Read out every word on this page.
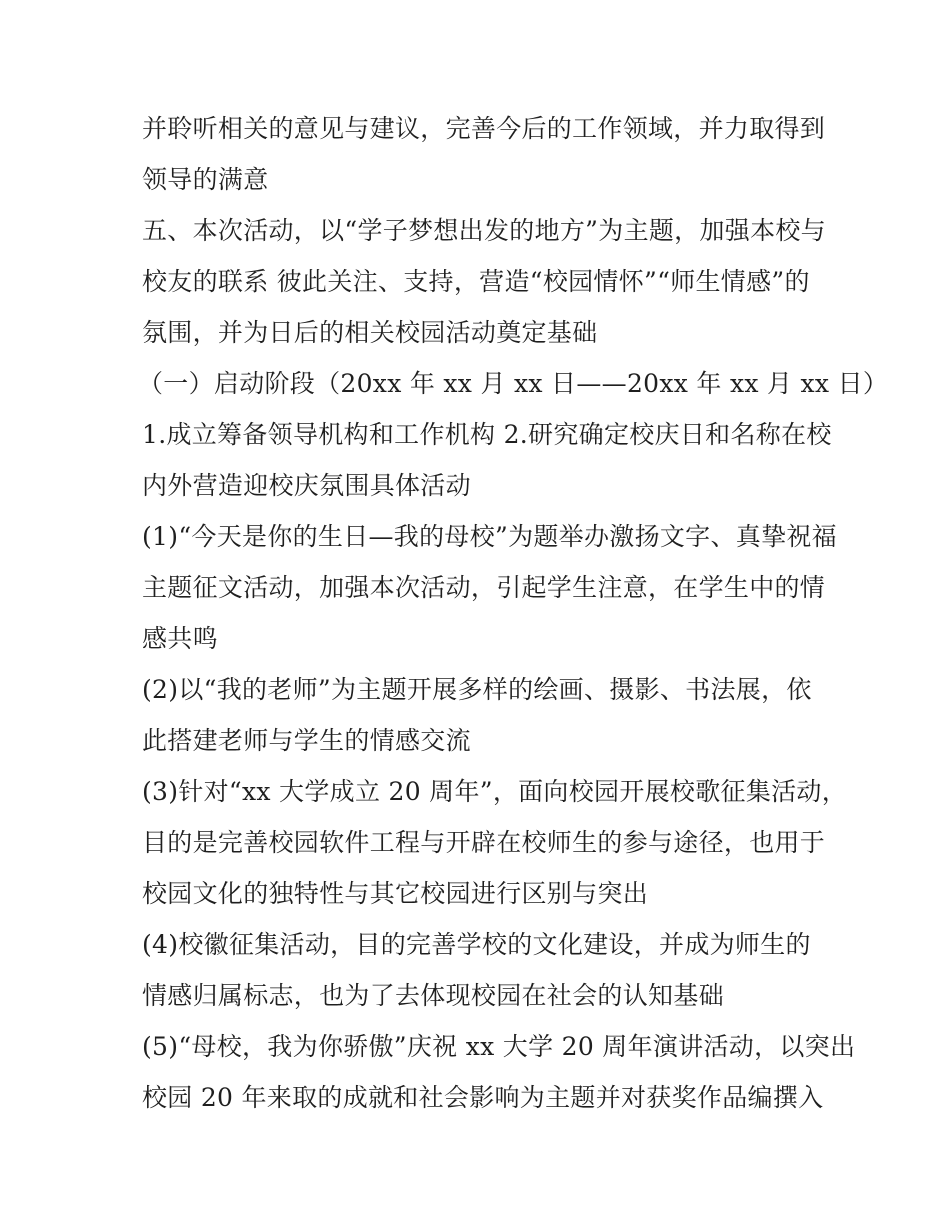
并聆听相关的意见与建议，完善今后的工作领域，并力取得到
领导的满意
五、本次活动，以“学子梦想出发的地方”为主题，加强本校与
校友的联系 彼此关注、支持，营造“校园情怀”“师生情感”的
氛围，并为日后的相关校园活动奠定基础
（一）启动阶段（20xx 年 xx 月 xx 日——20xx 年 xx 月 xx 日）
1.成立筹备领导机构和工作机构 2.研究确定校庆日和名称在校
内外营造迎校庆氛围具体活动
(1)“今天是你的生日—我的母校”为题举办激扬文字、真挚祝福
主题征文活动，加强本次活动，引起学生注意，在学生中的情
感共鸣
(2)以“我的老师”为主题开展多样的绘画、摄影、书法展，依
此搭建老师与学生的情感交流
(3)针对“xx 大学成立 20 周年”，面向校园开展校歌征集活动，
目的是完善校园软件工程与开辟在校师生的参与途径，也用于
校园文化的独特性与其它校园进行区别与突出
(4)校徽征集活动，目的完善学校的文化建设，并成为师生的
情感归属标志，也为了去体现校园在社会的认知基础
(5)“母校，我为你骄傲”庆祝 xx 大学 20 周年演讲活动，以突出
校园 20 年来取的成就和社会影响为主题并对获奖作品编撰入
